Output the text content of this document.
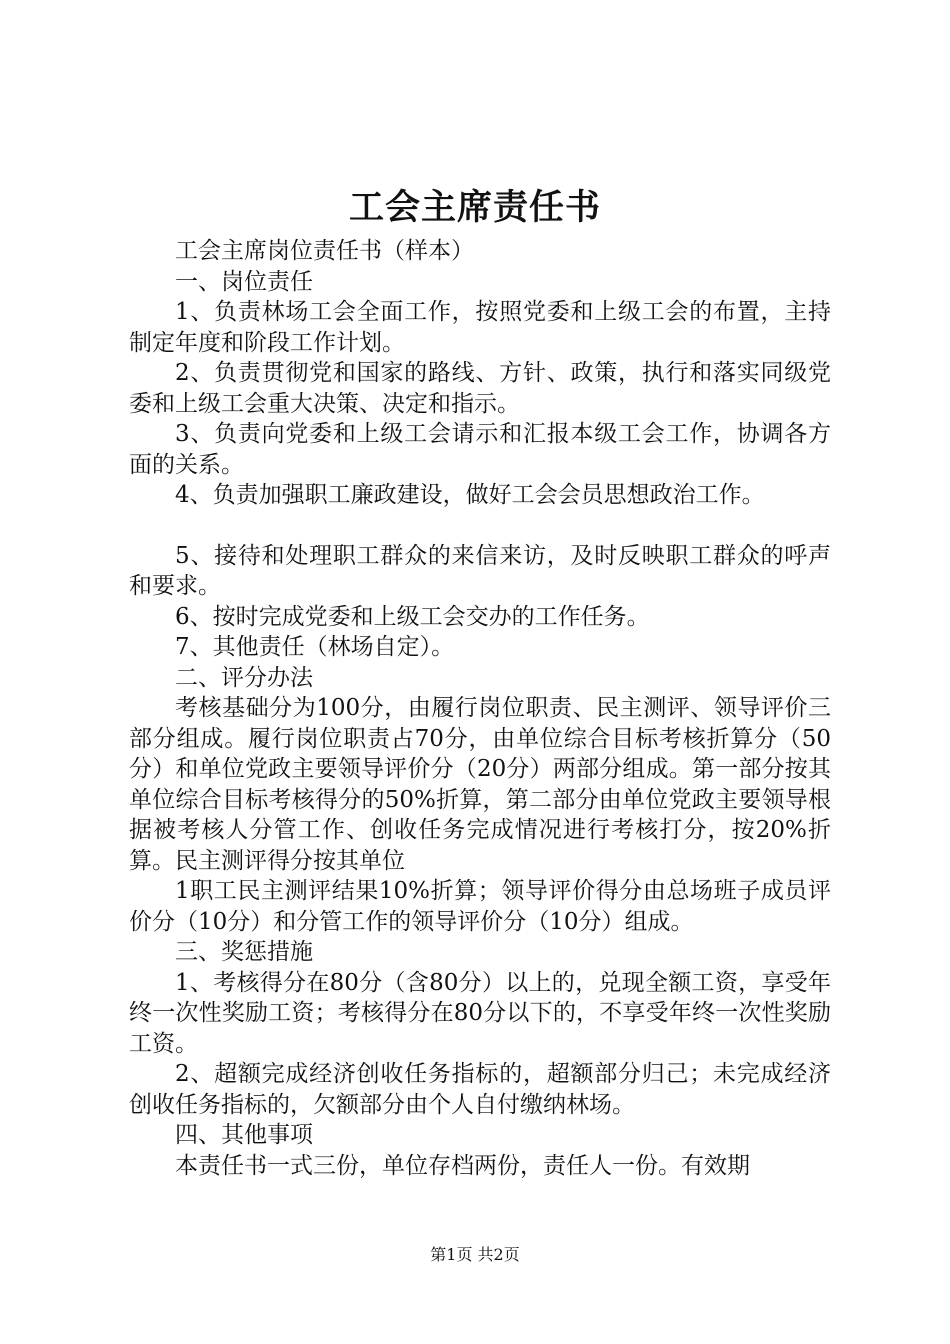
工会主席责任书

工会主席岗位责任书（样本）

一、岗位责任

1、负责林场工会全面工作，按照党委和上级工会的布置，主持制定年度和阶段工作计划。

2、负责贯彻党和国家的路线、方针、政策，执行和落实同级党委和上级工会重大决策、决定和指示。

3、负责向党委和上级工会请示和汇报本级工会工作，协调各方面的关系。

4、负责加强职工廉政建设，做好工会会员思想政治工作。

5、接待和处理职工群众的来信来访，及时反映职工群众的呼声和要求。

6、按时完成党委和上级工会交办的工作任务。

7、其他责任（林场自定）。

二、评分办法

考核基础分为100分，由履行岗位职责、民主测评、领导评价三部分组成。履行岗位职责占70分，由单位综合目标考核折算分（50分）和单位党政主要领导评价分（20分）两部分组成。第一部分按其单位综合目标考核得分的50%折算，第二部分由单位党政主要领导根据被考核人分管工作、创收任务完成情况进行考核打分，按20%折算。民主测评得分按其单位

1职工民主测评结果10%折算；领导评价得分由总场班子成员评价分（10分）和分管工作的领导评价分（10分）组成。

三、奖惩措施

1、考核得分在80分（含80分）以上的，兑现全额工资，享受年终一次性奖励工资；考核得分在80分以下的，不享受年终一次性奖励工资。

2、超额完成经济创收任务指标的，超额部分归己；未完成经济创收任务指标的，欠额部分由个人自付缴纳林场。

四、其他事项

本责任书一式三份，单位存档两份，责任人一份。有效期

第1页 共2页
